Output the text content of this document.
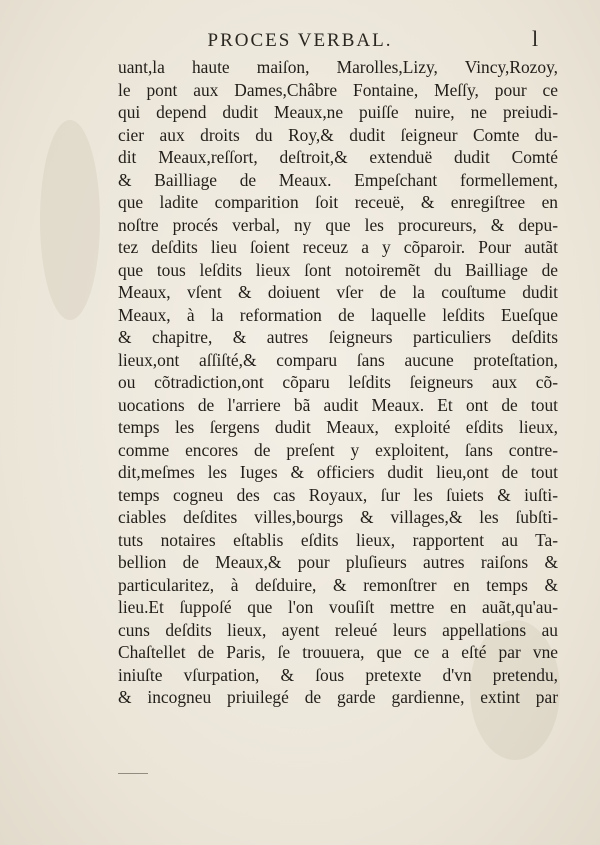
PROCES VERBAL.	l
uant,la haute maiſon, Marolles,Lizy, Vincy,Rozoy,
le pont aux Dames,Châbre Fontaine, Meſſy, pour ce
qui depend dudit Meaux,ne puiſſe nuire, ne preiudi-
cier aux droits du Roy,& dudit ſeigneur Comte du-
dit Meaux,reſſort, deſtroit,& extenduë dudit Comté
& Bailliage de Meaux. Empeſchant formellement,
que ladite comparition ſoit receuë, & enregiſtree en
noſtre procés verbal, ny que les procureurs, & depu-
tez deſdits lieu ſoient receuz a y cõparoir. Pour autãt
que tous leſdits lieux ſont notoiremẽt du Bailliage de
Meaux, vſent & doiuent vſer de la couſtume dudit
Meaux, à la reformation de laquelle leſdits Eueſque
& chapitre, & autres ſeigneurs particuliers deſdits
lieux,ont aſſiſté,& comparu ſans aucune proteſtation,
ou cõtradiction,ont cõparu leſdits ſeigneurs aux cõ-
uocations de l'arriere bã audit Meaux. Et ont de tout
temps les ſergens dudit Meaux, exploité eſdits lieux,
comme encores de preſent y exploitent, ſans contre-
dit,meſmes les Iuges & officiers dudit lieu,ont de tout
temps cogneu des cas Royaux, ſur les ſuiets & iuſti-
ciables deſdites villes,bourgs & villages,& les ſubſti-
tuts notaires eſtablis eſdits lieux, rapportent au Ta-
bellion de Meaux,& pour pluſieurs autres raiſons &
particularitez, à deſduire, & remonſtrer en temps &
lieu.Et ſuppoſé que l'on vouſiſt mettre en auãt,qu'au-
cuns deſdits lieux, ayent releué leurs appellations au
Chaſtellet de Paris, ſe trouuera, que ce a eſté par vne
iniuſte vſurpation, & ſous pretexte d'vn pretendu,
& incogneu priuilegé de garde gardienne, extint par
